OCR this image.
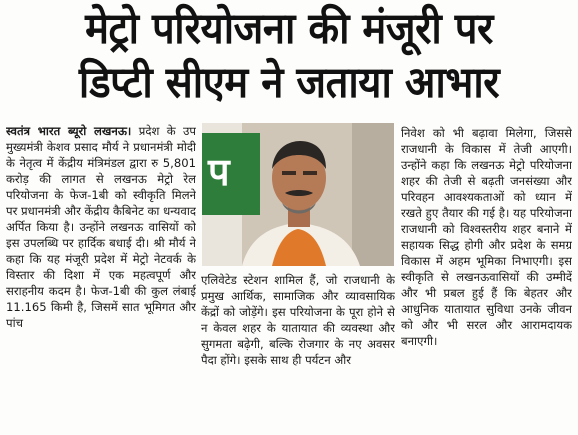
मेट्रो परियोजना की मंजूरी पर
डिप्टी सीएम ने जताया आभार

स्वतंत्र भारत ब्यूरो लखनऊ। प्रदेश के उप मुख्यमंत्री केशव प्रसाद मौर्य ने प्रधानमंत्री मोदी के नेतृत्व में केंद्रीय मंत्रिमंडल द्वारा रु 5,801 करोड़ की लागत से लखनऊ मेट्रो रेल परियोजना के फेज-1बी को स्वीकृति मिलने पर प्रधानमंत्री और केंद्रीय कैबिनेट का धन्यवाद अर्पित किया है। उन्होंने लखनऊ वासियों को इस उपलब्धि पर हार्दिक बधाई दी। श्री मौर्य ने कहा कि यह मंजूरी प्रदेश में मेट्रो नेटवर्क के विस्तार की दिशा में एक महत्वपूर्ण और सराहनीय कदम है। फेज-1बी की कुल लंबाई 11.165 किमी है, जिसमें सात भूमिगत और पांच

प

एलिवेटेड स्टेशन शामिल हैं, जो राजधानी के प्रमुख आर्थिक, सामाजिक और व्यावसायिक केंद्रों को जोड़ेंगे। इस परियोजना के पूरा होने से न केवल शहर के यातायात की व्यवस्था और सुगमता बढ़ेगी, बल्कि रोजगार के नए अवसर पैदा होंगे। इसके साथ ही पर्यटन और

निवेश को भी बढ़ावा मिलेगा, जिससे राजधानी के विकास में तेजी आएगी। उन्होंने कहा कि लखनऊ मेट्रो परियोजना शहर की तेजी से बढ़ती जनसंख्या और परिवहन आवश्यकताओं को ध्यान में रखते हुए तैयार की गई है। यह परियोजना राजधानी को विश्वस्तरीय शहर बनाने में सहायक सिद्ध होगी और प्रदेश के समग्र विकास में अहम भूमिका निभाएगी। इस स्वीकृति से लखनऊवासियों की उम्मीदें और भी प्रबल हुई हैं कि बेहतर और आधुनिक यातायात सुविधा उनके जीवन को और भी सरल और आरामदायक बनाएगी।
